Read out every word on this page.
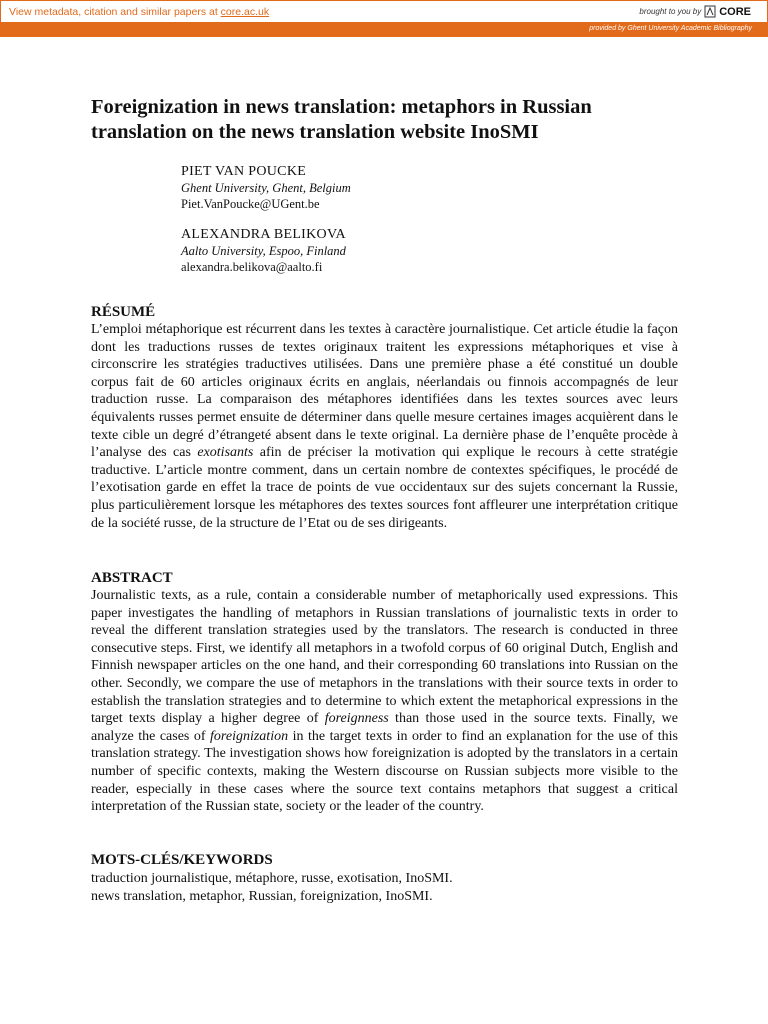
View metadata, citation and similar papers at core.ac.uk	brought to you by CORE
provided by Ghent University Academic Bibliography
Foreignization in news translation: metaphors in Russian translation on the news translation website InoSMI
PIET VAN POUCKE
Ghent University, Ghent, Belgium
Piet.VanPoucke@UGent.be
ALEXANDRA BELIKOVA
Aalto University, Espoo, Finland
alexandra.belikova@aalto.fi
RÉSUMÉ

L’emploi métaphorique est récurrent dans les textes à caractère journalistique. Cet article étudie la façon dont les traductions russes de textes originaux traitent les expressions métaphoriques et vise à circonscrire les stratégies traductives utilisées. Dans une première phase a été constitué un double corpus fait de 60 articles originaux écrits en anglais, néerlandais ou finnois accompagnés de leur traduction russe. La comparaison des métaphores identifiées dans les textes sources avec leurs équivalents russes permet ensuite de déterminer dans quelle mesure certaines images acquièrent dans le texte cible un degré d’étrangeté absent dans le texte original. La dernière phase de l’enquête procède à l’analyse des cas exotisants afin de préciser la motivation qui explique le recours à cette stratégie traductive. L’article montre comment, dans un certain nombre de contextes spécifiques, le procédé de l’exotisation garde en effet la trace de points de vue occidentaux sur des sujets concernant la Russie, plus particulièrement lorsque les métaphores des textes sources font affleurer une interprétation critique de la société russe, de la structure de l’Etat ou de ses dirigeants.

ABSTRACT

Journalistic texts, as a rule, contain a considerable number of metaphorically used expressions. This paper investigates the handling of metaphors in Russian translations of journalistic texts in order to reveal the different translation strategies used by the translators. The research is conducted in three consecutive steps. First, we identify all metaphors in a twofold corpus of 60 original Dutch, English and Finnish newspaper articles on the one hand, and their corresponding 60 translations into Russian on the other. Secondly, we compare the use of metaphors in the translations with their source texts in order to establish the translation strategies and to determine to which extent the metaphorical expressions in the target texts display a higher degree of foreignness than those used in the source texts. Finally, we analyze the cases of foreignization in the target texts in order to find an explanation for the use of this translation strategy. The investigation shows how foreignization is adopted by the translators in a certain number of specific contexts, making the Western discourse on Russian subjects more visible to the reader, especially in these cases where the source text contains metaphors that suggest a critical interpretation of the Russian state, society or the leader of the country.

MOTS-CLÉS/KEYWORDS
traduction journalistique, métaphore, russe, exotisation, InoSMI.
news translation, metaphor, Russian, foreignization, InoSMI.
